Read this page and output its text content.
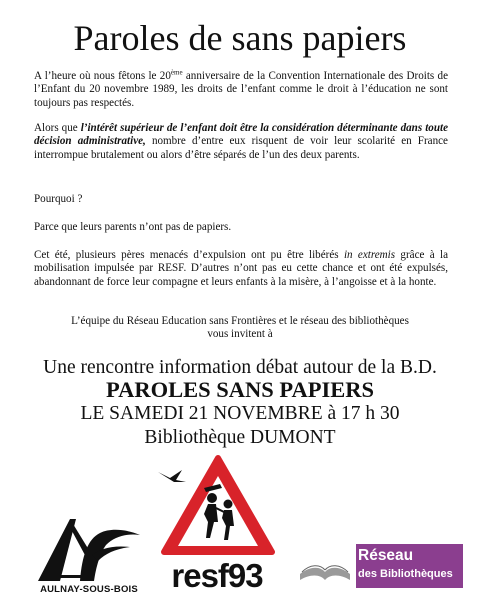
Paroles de sans papiers

A l’heure où nous fêtons le 20ème anniversaire de la Convention Internationale des Droits de l’Enfant du 20 novembre 1989, les droits de l’enfant comme le droit à l’éducation ne sont toujours pas respectés.

Alors que l’intérêt supérieur de l’enfant doit être la considération déterminante dans toute décision administrative, nombre d’entre eux risquent de voir leur scolarité en France interrompue brutalement ou alors d’être séparés de l’un des deux parents.

Pourquoi ?

Parce que leurs parents n’ont pas de papiers.

Cet été, plusieurs pères menacés d’expulsion ont pu être libérés in extremis grâce à la mobilisation impulsée par RESF. D’autres n’ont pas eu cette chance et ont été expulsés, abandonnant de force leur compagne et leurs enfants à la misère, à l’angoisse et à la honte.

L’équipe du Réseau Education sans Frontières et le réseau des bibliothèques
vous invitent à

Une rencontre information débat autour de la B.D.

PAROLES SANS PAPIERS

LE SAMEDI 21 NOVEMBRE à 17 h 30

Bibliothèque DUMONT

AULNAY-SOUS-BOIS	resf93
Réseau
des Bibliothèques
